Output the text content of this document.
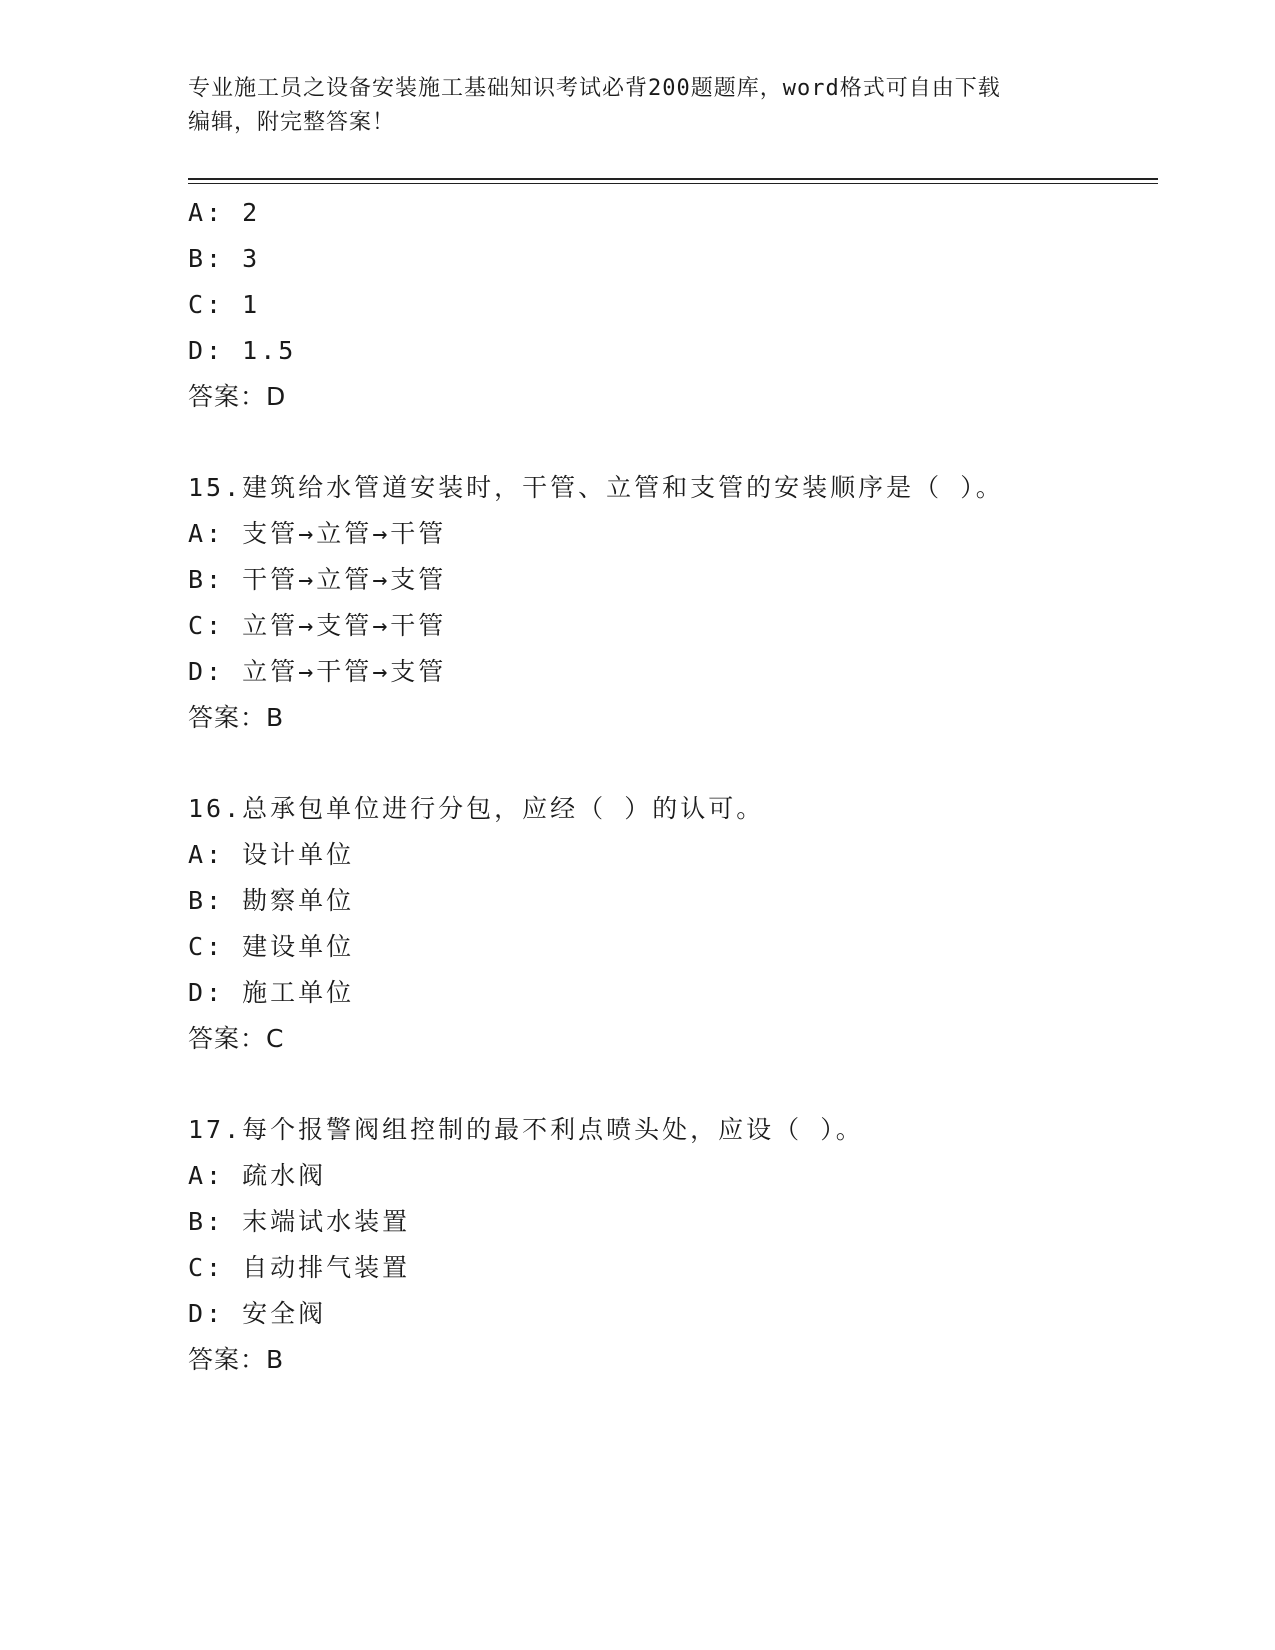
专业施工员之设备安装施工基础知识考试必背200题题库，word格式可自由下载
编辑，附完整答案！
A: 2
B: 3
C: 1
D: 1.5
答案：D
15.建筑给水管道安装时，干管、立管和支管的安装顺序是（ ）。
A: 支管→立管→干管
B: 干管→立管→支管
C: 立管→支管→干管
D: 立管→干管→支管
答案：B
16.总承包单位进行分包，应经（ ）的认可。
A: 设计单位
B: 勘察单位
C: 建设单位
D: 施工单位
答案：C
17.每个报警阀组控制的最不利点喷头处，应设（ ）。
A: 疏水阀
B: 末端试水装置
C: 自动排气装置
D: 安全阀
答案：B
